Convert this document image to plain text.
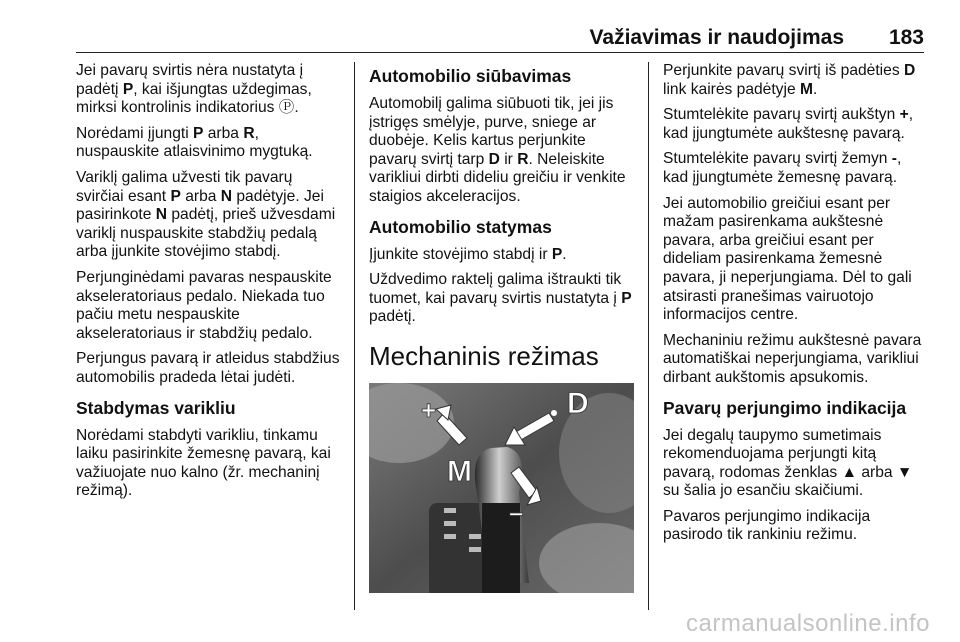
Važiavimas ir naudojimas 183

Jei pavarų svirtis nėra nustatyta į padėtį P, kai išjungtas uždegimas, mirksi kontrolinis indikatorius Ⓟ.

Norėdami įjungti P arba R, nuspauskite atlaisvinimo mygtuką.

Variklį galima užvesti tik pavarų svirčiai esant P arba N padėtyje. Jei pasirinkote N padėtį, prieš užvesdami variklį nuspauskite stabdžių pedalą arba įjunkite stovėjimo stabdį.

Perjunginėdami pavaras nespauskite akseleratoriaus pedalo. Niekada tuo pačiu metu nespauskite akseleratoriaus ir stabdžių pedalo.

Perjungus pavarą ir atleidus stabdžius automobilis pradeda lėtai judėti.

Stabdymas varikliu

Norėdami stabdyti varikliu, tinkamu laiku pasirinkite žemesnę pavarą, kai važiuojate nuo kalno (žr. mechaninį režimą).

Automobilio siūbavimas

Automobilį galima siūbuoti tik, jei jis įstrigęs smėlyje, purve, sniege ar duobėje. Kelis kartus perjunkite pavarų svirtį tarp D ir R. Neleiskite varikliui dirbti dideliu greičiu ir venkite staigios akceleracijos.

Automobilio statymas

Įjunkite stovėjimo stabdį ir P.

Uždvedimo raktelį galima ištraukti tik tuomet, kai pavarų svirtis nustatyta į P padėtį.

Mechaninis režimas
+
–
D
M

Perjunkite pavarų svirtį iš padėties D link kairės padėtyje M.

Stumtelėkite pavarų svirtį aukštyn +, kad įjungtumėte aukštesnę pavarą.

Stumtelėkite pavarų svirtį žemyn -, kad įjungtumėte žemesnę pavarą.

Jei automobilio greičiui esant per mažam pasirenkama aukštesnė pavara, arba greičiui esant per dideliam pasirenkama žemesnė pavara, ji neperjungiama. Dėl to gali atsirasti pranešimas vairuotojo informacijos centre.

Mechaniniu režimu aukštesnė pavara automatiškai neperjungiama, varikliui dirbant aukštomis apsukomis.

Pavarų perjungimo indikacija

Jei degalų taupymo sumetimais rekomenduojama perjungti kitą pavarą, rodomas ženklas ▲ arba ▼ su šalia jo esančiu skaičiumi.

Pavaros perjungimo indikacija pasirodo tik rankiniu režimu.

carmanualsonline.info
